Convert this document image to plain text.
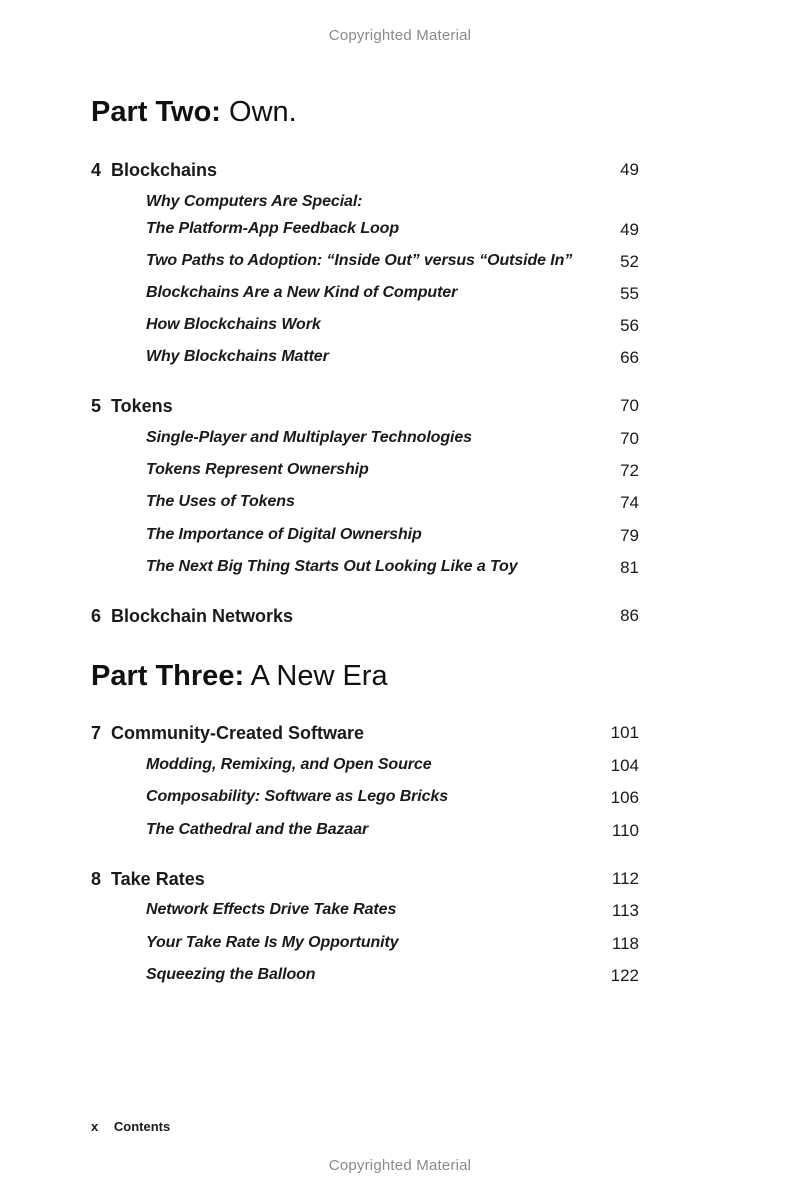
Copyrighted Material
Part Two: Own.
4 Blockchains	49
Why Computers Are Special:
The Platform-App Feedback Loop	49
Two Paths to Adoption: “Inside Out” versus “Outside In”	52
Blockchains Are a New Kind of Computer	55
How Blockchains Work	56
Why Blockchains Matter	66
5 Tokens	70
Single-Player and Multiplayer Technologies	70
Tokens Represent Ownership	72
The Uses of Tokens	74
The Importance of Digital Ownership	79
The Next Big Thing Starts Out Looking Like a Toy	81
6 Blockchain Networks	86
Part Three: A New Era
7 Community-Created Software	101
Modding, Remixing, and Open Source	104
Composability: Software as Lego Bricks	106
The Cathedral and the Bazaar	110
8 Take Rates	112
Network Effects Drive Take Rates	113
Your Take Rate Is My Opportunity	118
Squeezing the Balloon	122
x Contents
Copyrighted Material
